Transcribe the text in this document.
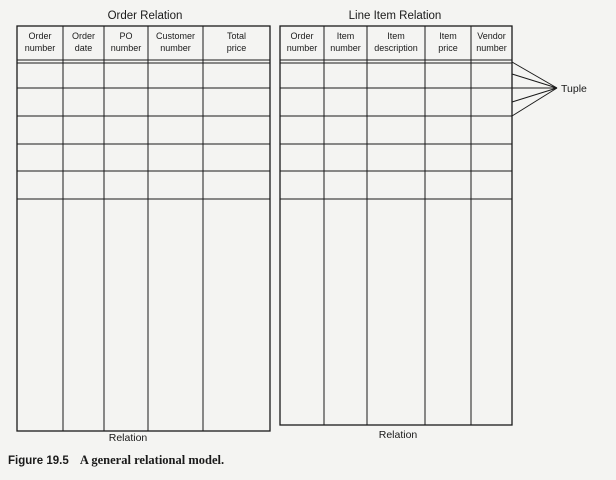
Order Relation
Order
number
Order
date
PO
number
Customer
number
Total
price
Relation
Line Item Relation
Order
number
Item
number
Item
description
Item
price
Vendor
number
Relation
Tuple
Figure 19.5 A general relational model.
